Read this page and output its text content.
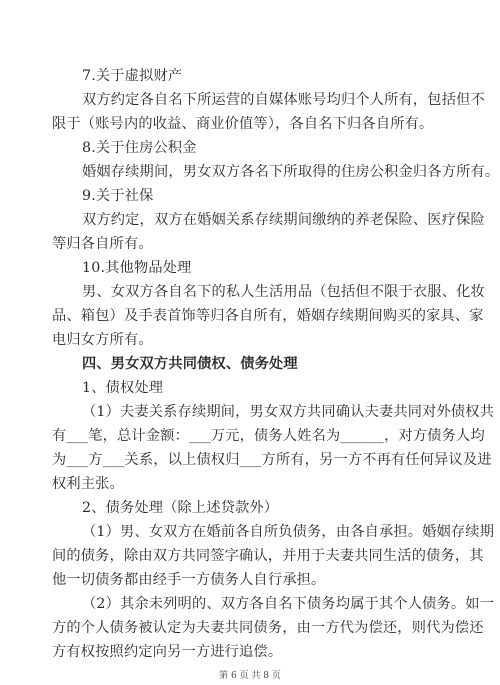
7.关于虚拟财产
双方约定各自名下所运营的自媒体账号均归个人所有，包括但不
限于（账号内的收益、商业价值等），各自名下归各自所有。
8.关于住房公积金
婚姻存续期间，男女双方各名下所取得的住房公积金归各方所有。
9.关于社保
双方约定，双方在婚姻关系存续期间缴纳的养老保险、医疗保险
等归各自所有。
10.其他物品处理
男、女双方各自名下的私人生活用品（包括但不限于衣服、化妆
品、箱包）及手表首饰等归各自所有，婚姻存续期间购买的家具、家
电归女方所有。
四、男女双方共同债权、债务处理
1、债权处理
（1）夫妻关系存续期间，男女双方共同确认夫妻共同对外债权共
有___笔，总计金额：___万元，债务人姓名为______，对方债务人均
为___方___关系，以上债权归___方所有，另一方不再有任何异议及进
权利主张。
2、债务处理（除上述贷款外）
（1）男、女双方在婚前各自所负债务，由各自承担。婚姻存续期
间的债务，除由双方共同签字确认，并用于夫妻共同生活的债务，其
他一切债务都由经手一方债务人自行承担。
（2）其余未列明的、双方各自名下债务均属于其个人债务。如一
方的个人债务被认定为夫妻共同债务，由一方代为偿还，则代为偿还
方有权按照约定向另一方进行追偿。
第 6 页 共 8 页
